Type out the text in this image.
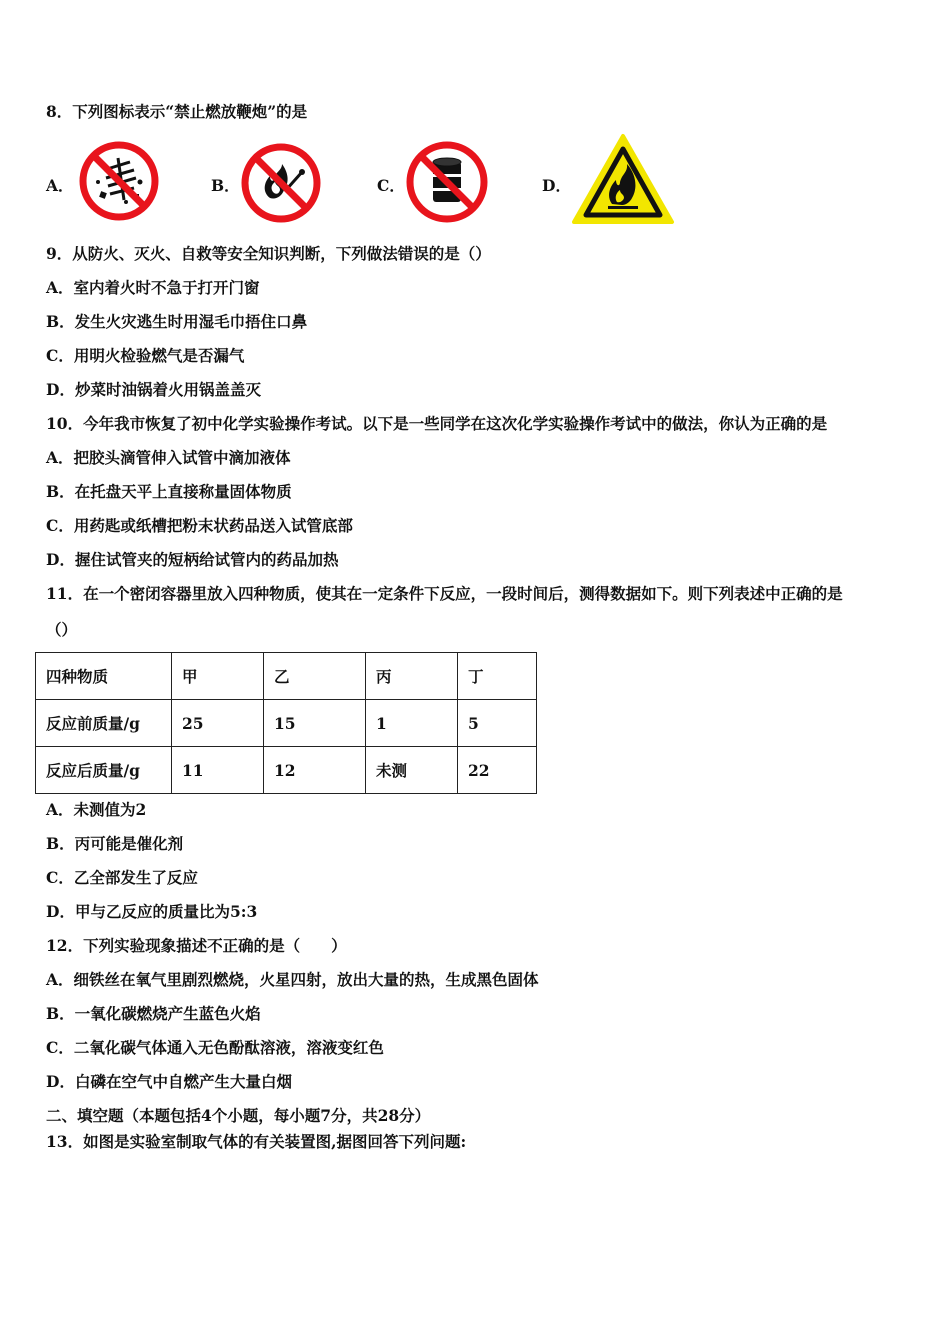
8．下列图标表示“禁止燃放鞭炮”的是
A．	B．	C．	D．
9．从防火、灭火、自救等安全知识判断，下列做法错误的是（）
A．室内着火时不急于打开门窗
B．发生火灾逃生时用湿毛巾捂住口鼻
C．用明火检验燃气是否漏气
D．炒菜时油锅着火用锅盖盖灭
10．今年我市恢复了初中化学实验操作考试。以下是一些同学在这次化学实验操作考试中的做法，你认为正确的是
A．把胶头滴管伸入试管中滴加液体
B．在托盘天平上直接称量固体物质
C．用药匙或纸槽把粉末状药品送入试管底部
D．握住试管夹的短柄给试管内的药品加热
11．在一个密闭容器里放入四种物质，使其在一定条件下反应，一段时间后，测得数据如下。则下列表述中正确的是
（）
四种物质	甲	乙	丙	丁
反应前质量/g	25	15	1	5
反应后质量/g	11	12	未测	22
A．未测值为2
B．丙可能是催化剂
C．乙全部发生了反应
D．甲与乙反应的质量比为5:3
12．下列实验现象描述不正确的是（　　）
A．细铁丝在氧气里剧烈燃烧，火星四射，放出大量的热，生成黑色固体
B．一氧化碳燃烧产生蓝色火焰
C．二氧化碳气体通入无色酚酞溶液，溶液变红色
D．白磷在空气中自燃产生大量白烟
二、填空题（本题包括4个小题，每小题7分，共28分）
13．如图是实验室制取气体的有关装置图,据图回答下列问题:
